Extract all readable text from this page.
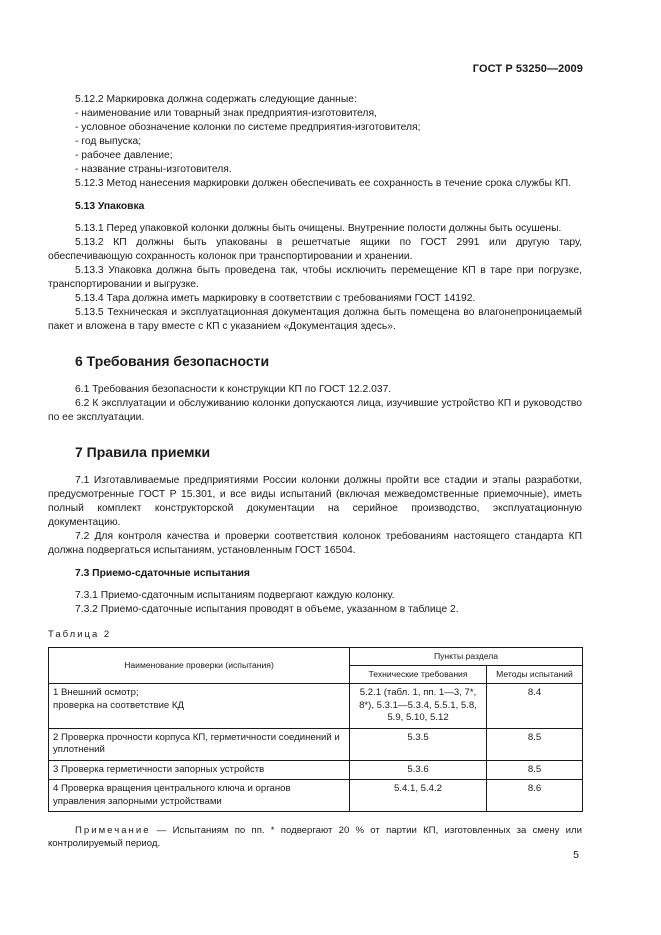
ГОСТ Р 53250—2009

5.12.2 Маркировка должна содержать следующие данные:

- наименование или товарный знак предприятия-изготовителя,

- условное обозначение колонки по системе предприятия-изготовителя;

- год выпуска;

- рабочее давление;

- название страны-изготовителя.

5.12.3 Метод нанесения маркировки должен обеспечивать ее сохранность в течение срока службы КП.

5.13 Упаковка

5.13.1 Перед упаковкой колонки должны быть очищены. Внутренние полости должны быть осушены.

5.13.2 КП должны быть упакованы в решетчатые ящики по ГОСТ 2991 или другую тару, обеспечивающую сохранность колонок при транспортировании и хранении.

5.13.3 Упаковка должна быть проведена так, чтобы исключить перемещение КП в таре при погрузке, транспортировании и выгрузке.

5.13.4 Тара должна иметь маркировку в соответствии с требованиями ГОСТ 14192.

5.13.5 Техническая и эксплуатационная документация должна быть помещена во влагонепроницаемый пакет и вложена в тару вместе с КП с указанием «Документация здесь».

6 Требования безопасности

6.1 Требования безопасности к конструкции КП по ГОСТ 12.2.037.

6.2 К эксплуатации и обслуживанию колонки допускаются лица, изучившие устройство КП и руководство по ее эксплуатации.

7 Правила приемки

7.1 Изготавливаемые предприятиями России колонки должны пройти все стадии и этапы разработки, предусмотренные ГОСТ Р 15.301, и все виды испытаний (включая межведомственные приемочные), иметь полный комплект конструкторской документации на серийное производство, эксплуатационную документацию.

7.2 Для контроля качества и проверки соответствия колонок требованиям настоящего стандарта КП должна подвергаться испытаниям, установленным ГОСТ 16504.

7.3 Приемо-сдаточные испытания

7.3.1 Приемо-сдаточным испытаниям подвергают каждую колонку.

7.3.2 Приемо-сдаточные испытания проводят в объеме, указанном в таблице 2.

Таблица 2
Наименование проверки (испытания)	Пункты раздела	
	Технические требования	Методы испытаний
1 Внешний осмотр;
проверка на соответствие КД	5.2.1 (табл. 1, пп. 1—3, 7*, 8*), 5.3.1—5.3.4, 5.5.1, 5.8, 5.9, 5.10, 5.12	8.4
2 Проверка прочности корпуса КП, герметичности соединений и уплотнений	5.3.5	8.5
3 Проверка герметичности запорных устройств	5.3.6	8.5
4 Проверка вращения центрального ключа и органов управления запорными устройствами	5.4.1, 5.4.2	8.6

Примечание — Испытаниям по пп. * подвергают 20 % от партии КП, изготовленных за смену или контролируемый период.

5
